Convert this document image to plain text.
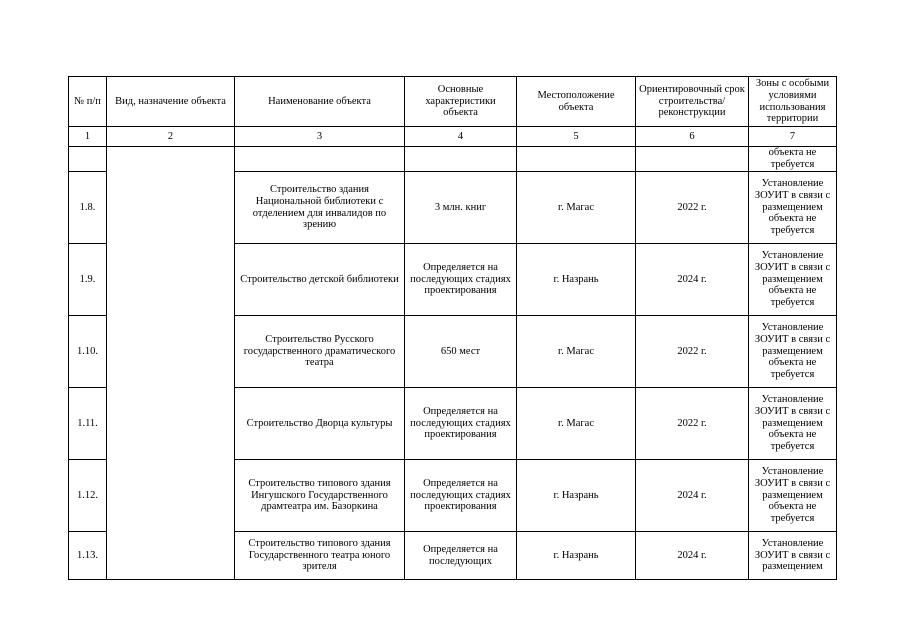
№ п/п	Вид, назначение объекта	Наименование объекта	Основные характеристики объекта	Местоположение объекта	Ориентировочный срок строительства/ реконструкции	Зоны с особыми условиями использования территории
1	2	3	4	5	6	7
						объекта не требуется
1.8.		Строительство здания Национальной библиотеки с отделением для инвалидов по зрению	3 млн. книг	г. Магас	2022 г.	Установление ЗОУИТ в связи с размещением объекта не требуется
1.9.		Строительство детской библиотеки	Определяется на последующих стадиях проектирования	г. Назрань	2024 г.	Установление ЗОУИТ в связи с размещением объекта не требуется
1.10.		Строительство Русского государственного драматического театра	650 мест	г. Магас	2022 г.	Установление ЗОУИТ в связи с размещением объекта не требуется
1.11.		Строительство Дворца культуры	Определяется на последующих стадиях проектирования	г. Магас	2022 г.	Установление ЗОУИТ в связи с размещением объекта не требуется
1.12.		Строительство типового здания Ингушского Государственного драмтеатра им. Базоркина	Определяется на последующих стадиях проектирования	г. Назрань	2024 г.	Установление ЗОУИТ в связи с размещением объекта не требуется
1.13.		Строительство типового здания Государственного театра юного зрителя	Определяется на последующих	г. Назрань	2024 г.	Установление ЗОУИТ в связи с размещением
